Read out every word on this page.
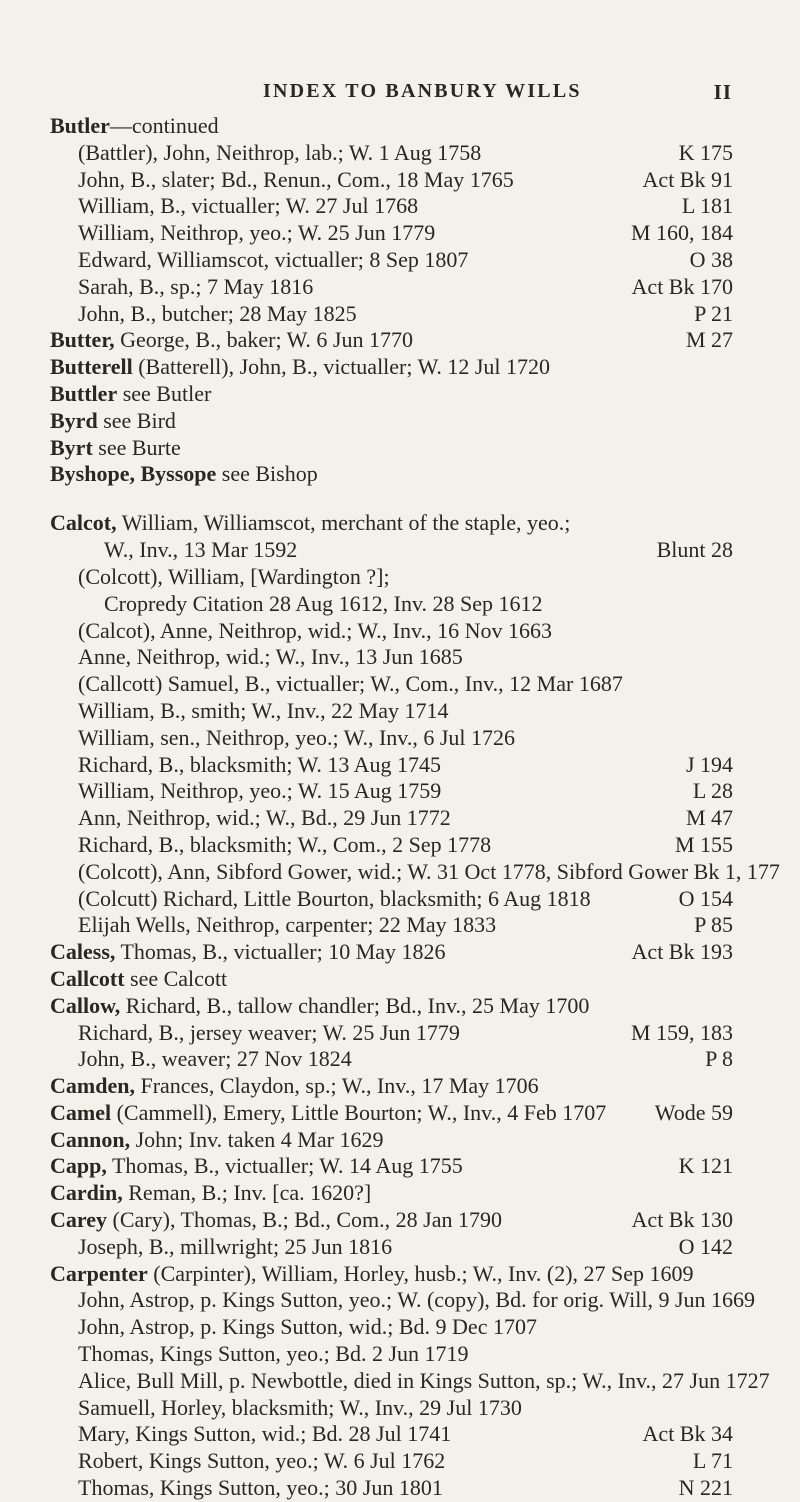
INDEX TO BANBURY WILLS	II
Butler—continued
(Battler), John, Neithrop, lab.; W. 1 Aug 1758	K 175
John, B., slater; Bd., Renun., Com., 18 May 1765	Act Bk 91
William, B., victualler; W. 27 Jul 1768	L 181
William, Neithrop, yeo.; W. 25 Jun 1779	M 160, 184
Edward, Williamscot, victualler; 8 Sep 1807	O 38
Sarah, B., sp.; 7 May 1816	Act Bk 170
John, B., butcher; 28 May 1825	P 21
Butter, George, B., baker; W. 6 Jun 1770	M 27
Butterell (Batterell), John, B., victualler; W. 12 Jul 1720
Buttler see Butler
Byrd see Bird
Byrt see Burte
Byshope, Byssope see Bishop
Calcot, William, Williamscot, merchant of the staple, yeo.;
W., Inv., 13 Mar 1592	Blunt 28
(Colcott), William, [Wardington ?];
Cropredy Citation 28 Aug 1612, Inv. 28 Sep 1612
(Calcot), Anne, Neithrop, wid.; W., Inv., 16 Nov 1663
Anne, Neithrop, wid.; W., Inv., 13 Jun 1685
(Callcott) Samuel, B., victualler; W., Com., Inv., 12 Mar 1687
William, B., smith; W., Inv., 22 May 1714
William, sen., Neithrop, yeo.; W., Inv., 6 Jul 1726
Richard, B., blacksmith; W. 13 Aug 1745	J 194
William, Neithrop, yeo.; W. 15 Aug 1759	L 28
Ann, Neithrop, wid.; W., Bd., 29 Jun 1772	M 47
Richard, B., blacksmith; W., Com., 2 Sep 1778	M 155
(Colcott), Ann, Sibford Gower, wid.; W. 31 Oct 1778, Sibford Gower Bk 1, 177
(Colcutt) Richard, Little Bourton, blacksmith; 6 Aug 1818	O 154
Elijah Wells, Neithrop, carpenter; 22 May 1833	P 85
Caless, Thomas, B., victualler; 10 May 1826	Act Bk 193
Callcott see Calcott
Callow, Richard, B., tallow chandler; Bd., Inv., 25 May 1700
Richard, B., jersey weaver; W. 25 Jun 1779	M 159, 183
John, B., weaver; 27 Nov 1824	P 8
Camden, Frances, Claydon, sp.; W., Inv., 17 May 1706
Camel (Cammell), Emery, Little Bourton; W., Inv., 4 Feb 1707 Wode 59
Cannon, John; Inv. taken 4 Mar 1629
Capp, Thomas, B., victualler; W. 14 Aug 1755	K 121
Cardin, Reman, B.; Inv. [ca. 1620?]
Carey (Cary), Thomas, B.; Bd., Com., 28 Jan 1790	Act Bk 130
Joseph, B., millwright; 25 Jun 1816	O 142
Carpenter (Carpinter), William, Horley, husb.; W., Inv. (2), 27 Sep 1609
John, Astrop, p. Kings Sutton, yeo.; W. (copy), Bd. for orig. Will, 9 Jun 1669
John, Astrop, p. Kings Sutton, wid.; Bd. 9 Dec 1707
Thomas, Kings Sutton, yeo.; Bd. 2 Jun 1719
Alice, Bull Mill, p. Newbottle, died in Kings Sutton, sp.; W., Inv., 27 Jun 1727
Samuell, Horley, blacksmith; W., Inv., 29 Jul 1730
Mary, Kings Sutton, wid.; Bd. 28 Jul 1741	Act Bk 34
Robert, Kings Sutton, yeo.; W. 6 Jul 1762	L 71
Thomas, Kings Sutton, yeo.; 30 Jun 1801	N 221
